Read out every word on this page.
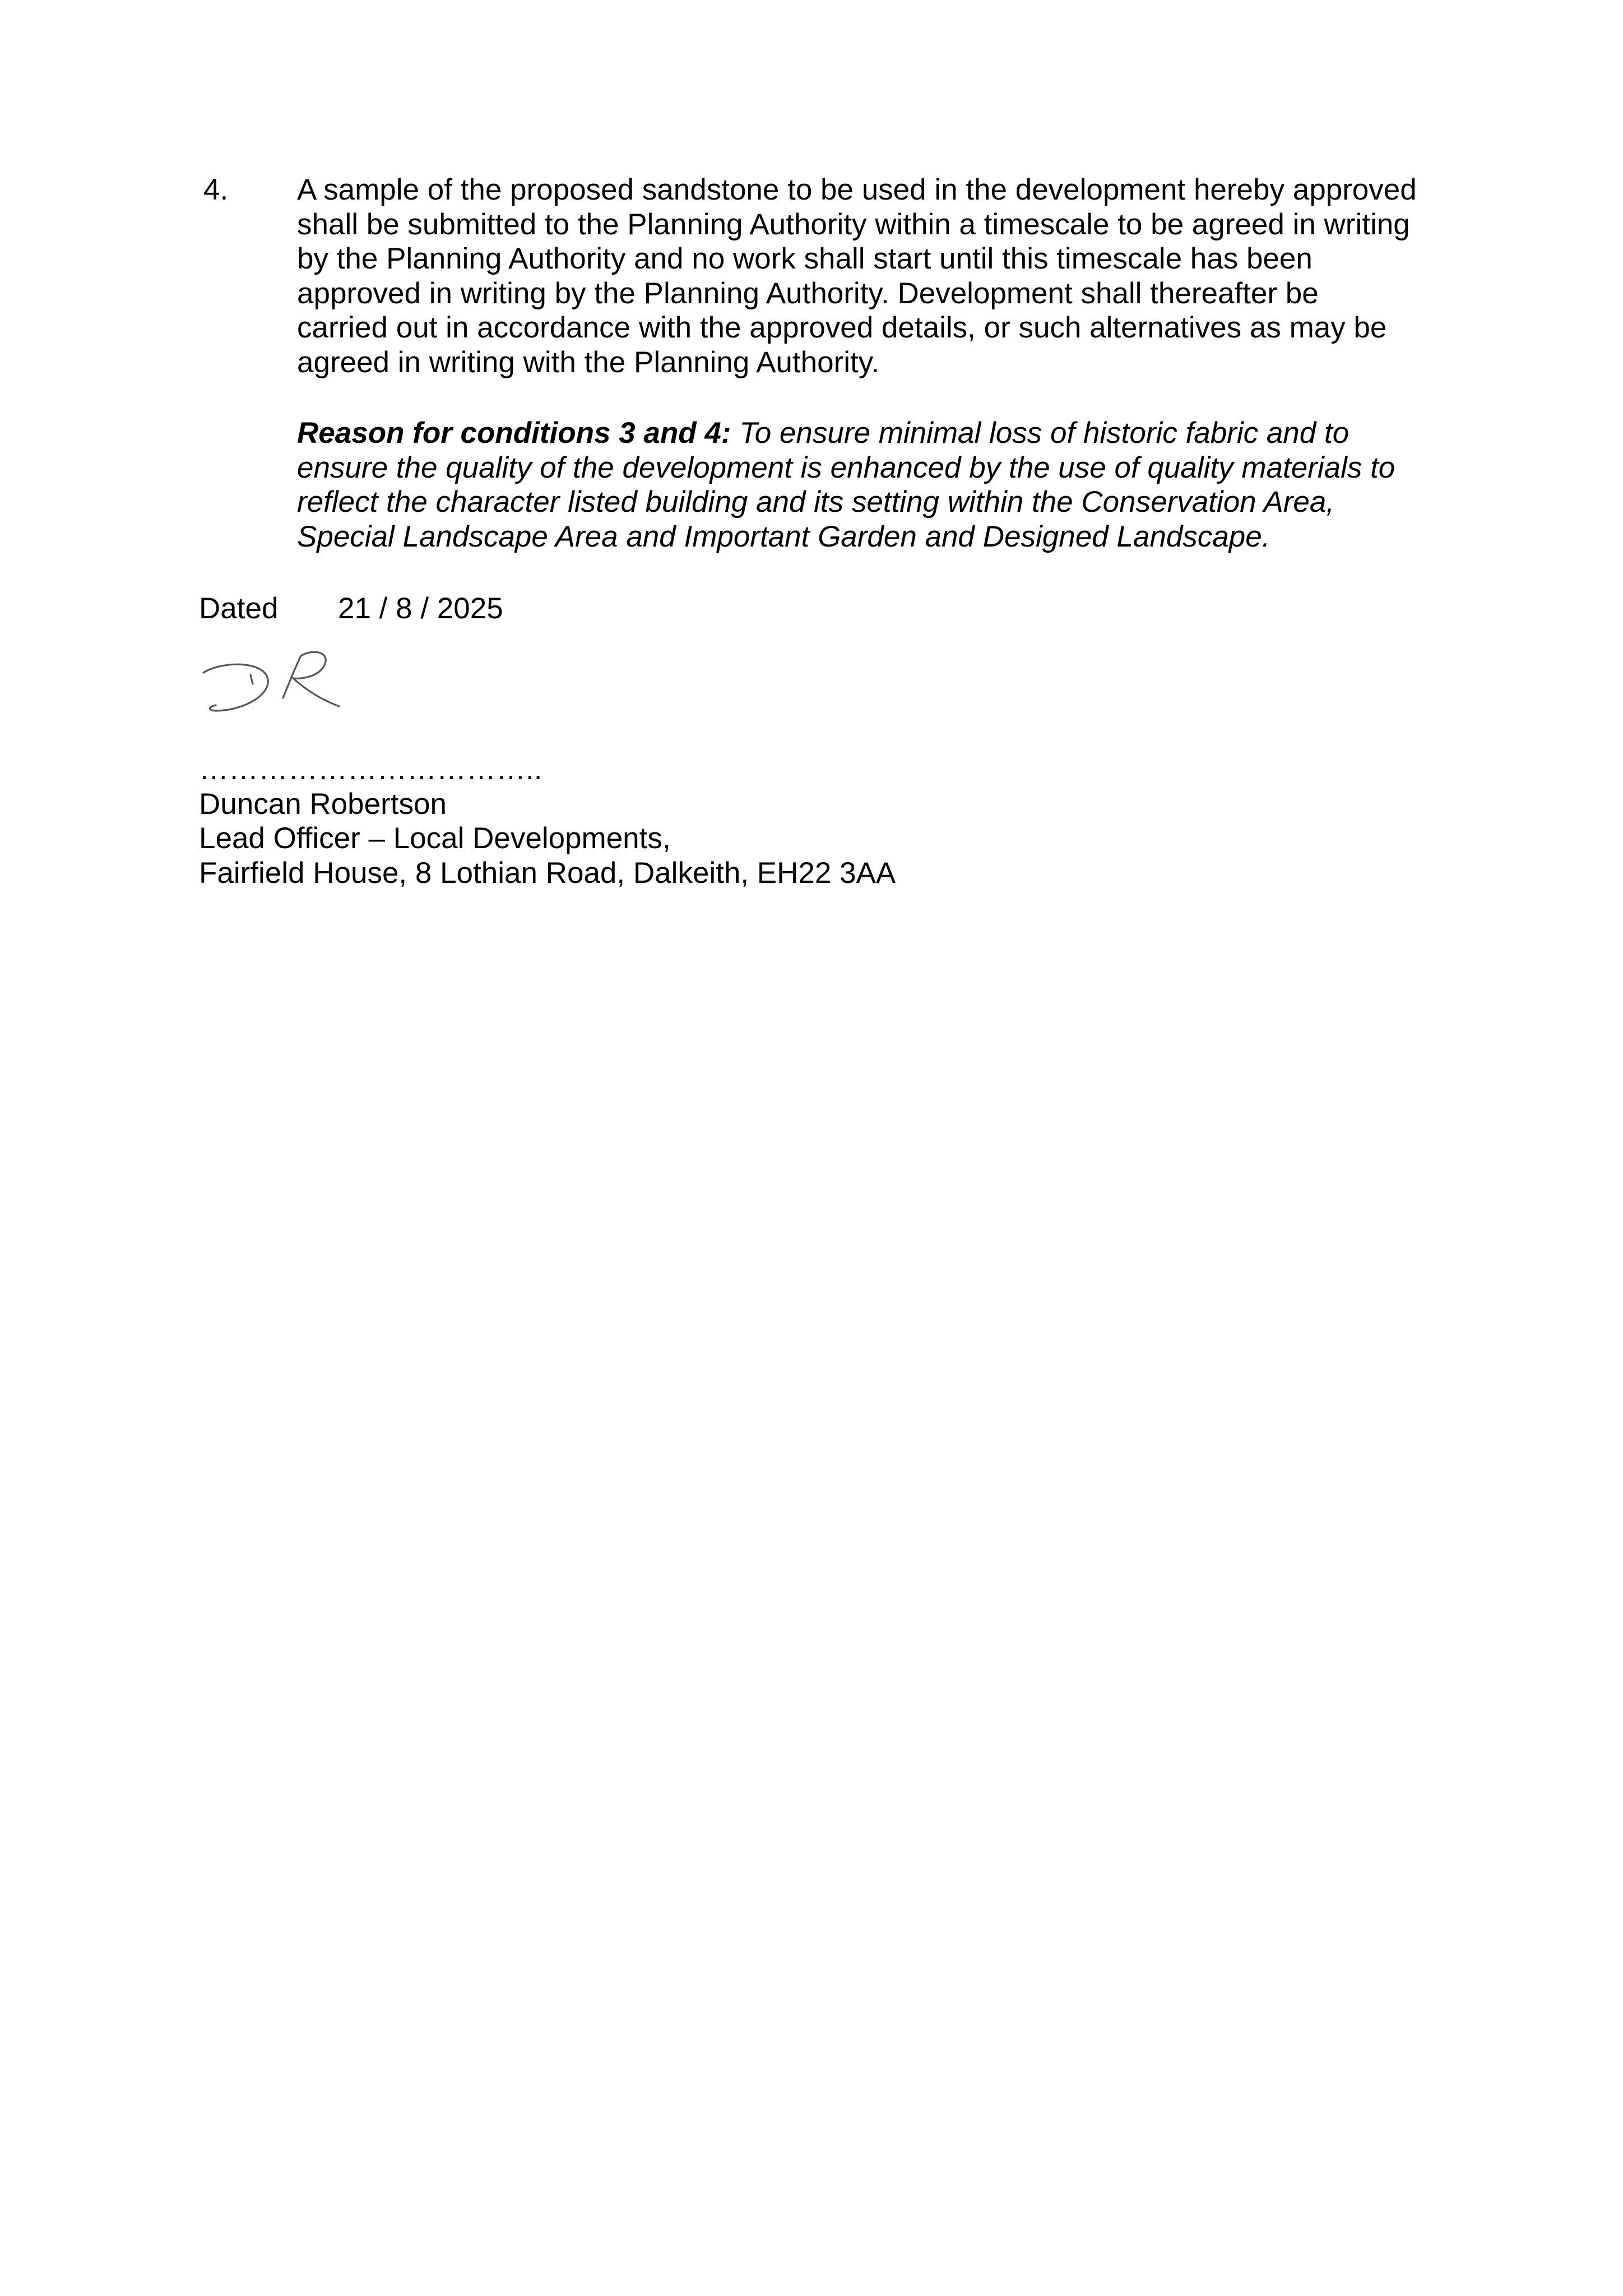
4. A sample of the proposed sandstone to be used in the development hereby approved
shall be submitted to the Planning Authority within a timescale to be agreed in writing
by the Planning Authority and no work shall start until this timescale has been
approved in writing by the Planning Authority. Development shall thereafter be
carried out in accordance with the approved details, or such alternatives as may be
agreed in writing with the Planning Authority.
Reason for conditions 3 and 4: To ensure minimal loss of historic fabric and to
ensure the quality of the development is enhanced by the use of quality materials to
reflect the character listed building and its setting within the Conservation Area,
Special Landscape Area and Important Garden and Designed Landscape.
Dated 21 / 8 / 2025
……………………………..
Duncan Robertson
Lead Officer – Local Developments,
Fairfield House, 8 Lothian Road, Dalkeith, EH22 3AA
